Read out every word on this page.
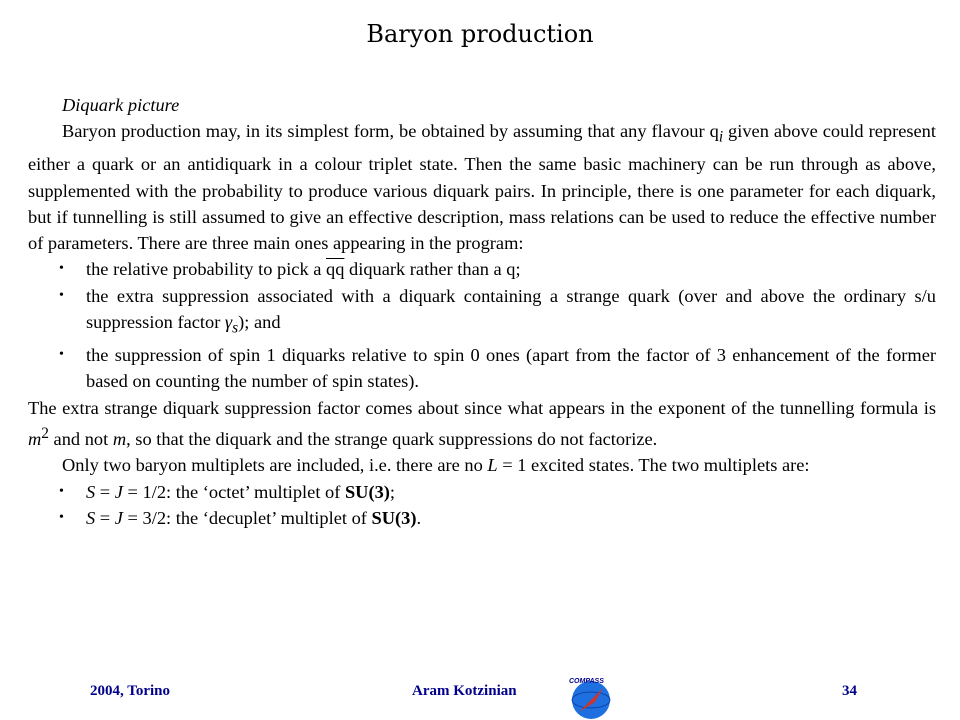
Baryon production

Diquark picture

Baryon production may, in its simplest form, be obtained by assuming that any flavour $q_i$ given above could represent either a quark or an antidiquark in a colour triplet state. Then the same basic machinery can be run through as above, supplemented with the probability to produce various diquark pairs. In principle, there is one parameter for each diquark, but if tunnelling is still assumed to give an effective description, mass relations can be used to reduce the effective number of parameters. There are three main ones appearing in the program:

• the relative probability to pick a $\overline{qq}$ diquark rather than a q;
• the extra suppression associated with a diquark containing a strange quark (over and above the ordinary s/u suppression factor $\gamma_s$); and
• the suppression of spin 1 diquarks relative to spin 0 ones (apart from the factor of 3 enhancement of the former based on counting the number of spin states).

The extra strange diquark suppression factor comes about since what appears in the exponent of the tunnelling formula is $m^2$ and not m, so that the diquark and the strange quark suppressions do not factorize.

Only two baryon multiplets are included, i.e. there are no L = 1 excited states. The two multiplets are:

• S = J = 1/2: the ‘octet’ multiplet of SU(3);
• S = J = 3/2: the ‘decuplet’ multiplet of SU(3).
2004, Torino	Aram Kotzinian	34
COMPASS
